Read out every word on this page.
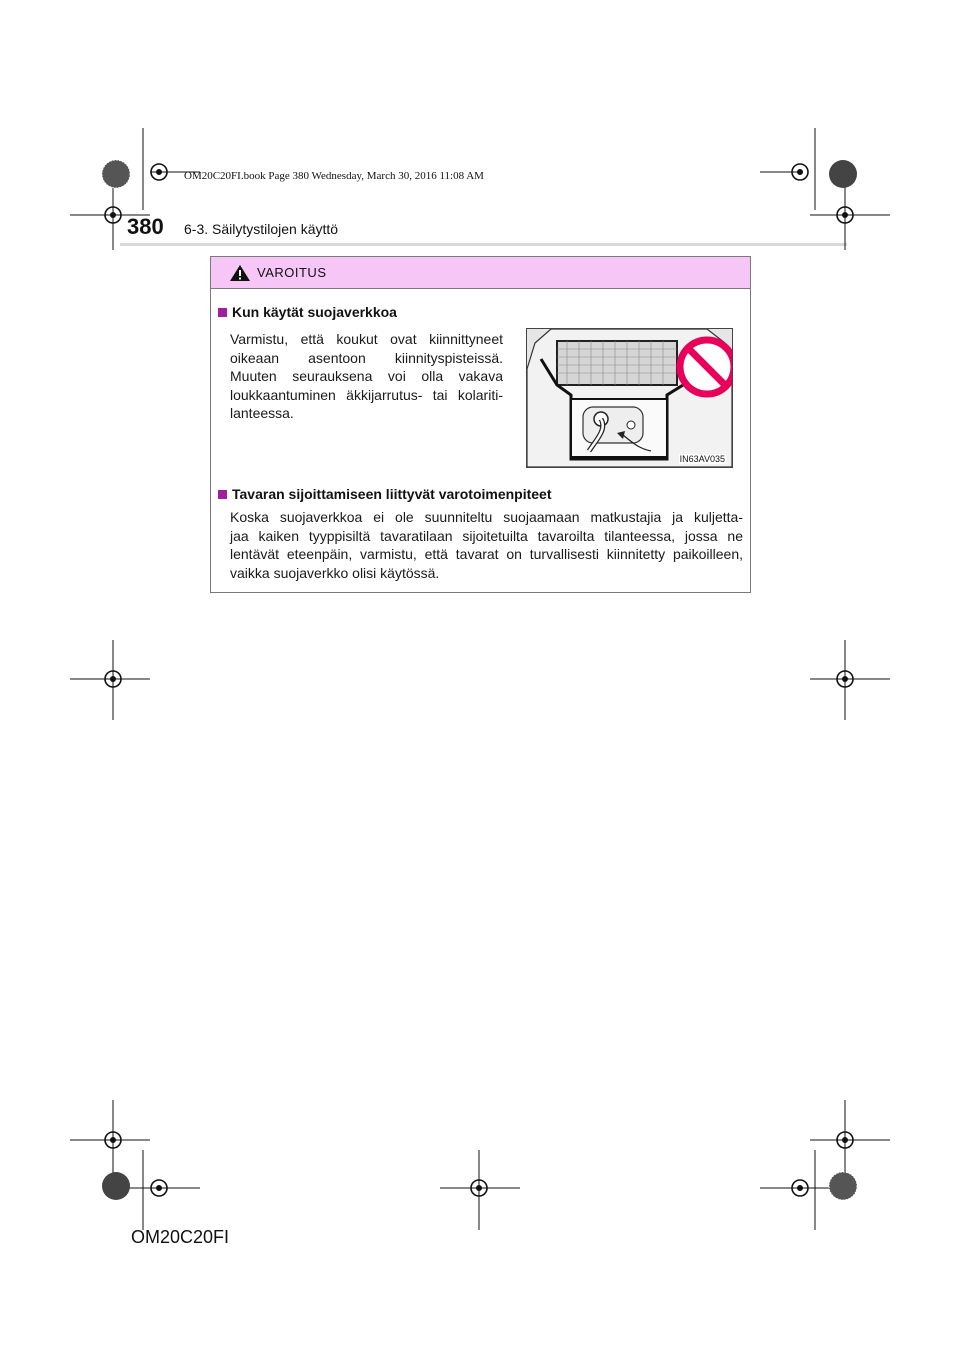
OM20C20FI.book Page 380 Wednesday, March 30, 2016 11:08 AM
380 6-3. Säilytystilojen käyttö
VAROITUS
Kun käytät suojaverkkoa
Varmistu, että koukut ovat kiinnittyneet
oikeaan asentoon kiinnityspisteissä.
Muuten seurauksena voi olla vakava
loukkaantuminen äkkijarrutus- tai kolariti-
lanteessa.
Tavaran sijoittamiseen liittyvät varotoimenpiteet
Koska suojaverkkoa ei ole suunniteltu suojaamaan matkustajia ja kuljetta-
jaa kaiken tyyppisiltä tavaratilaan sijoitetuilta tavaroilta tilanteessa, jossa ne
lentävät eteenpäin, varmistu, että tavarat on turvallisesti kiinnitetty paikoilleen,
vaikka suojaverkko olisi käytössä.
IN63AV035
OM20C20FI
